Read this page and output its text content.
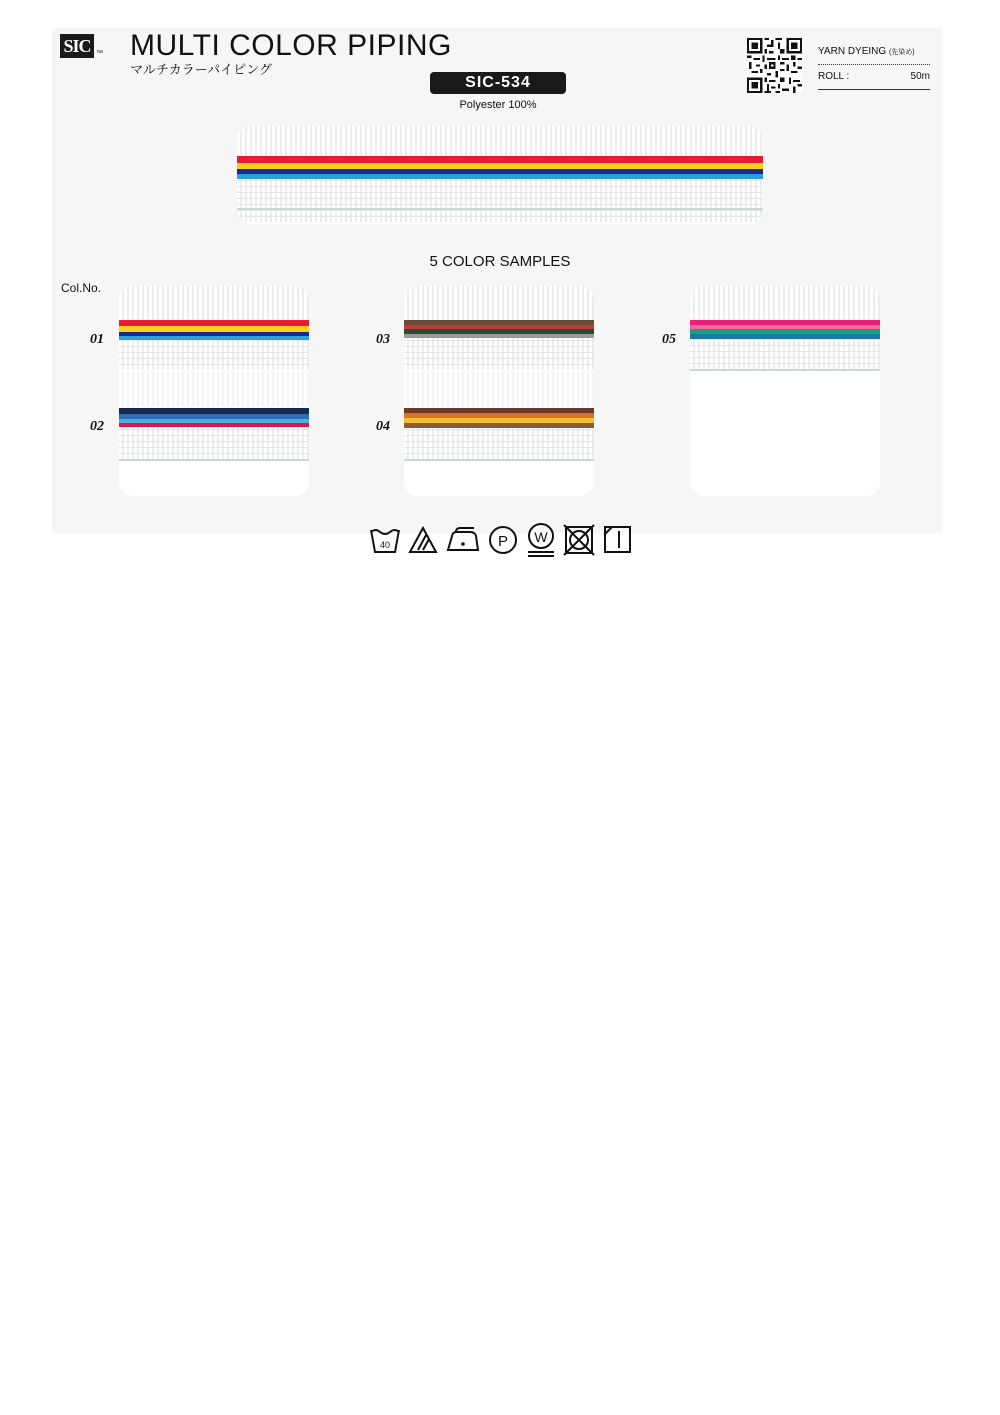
SIC ™ MULTI COLOR PIPING
マルチカラーパイピング
SIC-534
Polyester 100%
YARN DYEING (先染め)
ROLL :	50m
5 COLOR SAMPLES
Col.No.
01
02
03
04
05
40	P W
